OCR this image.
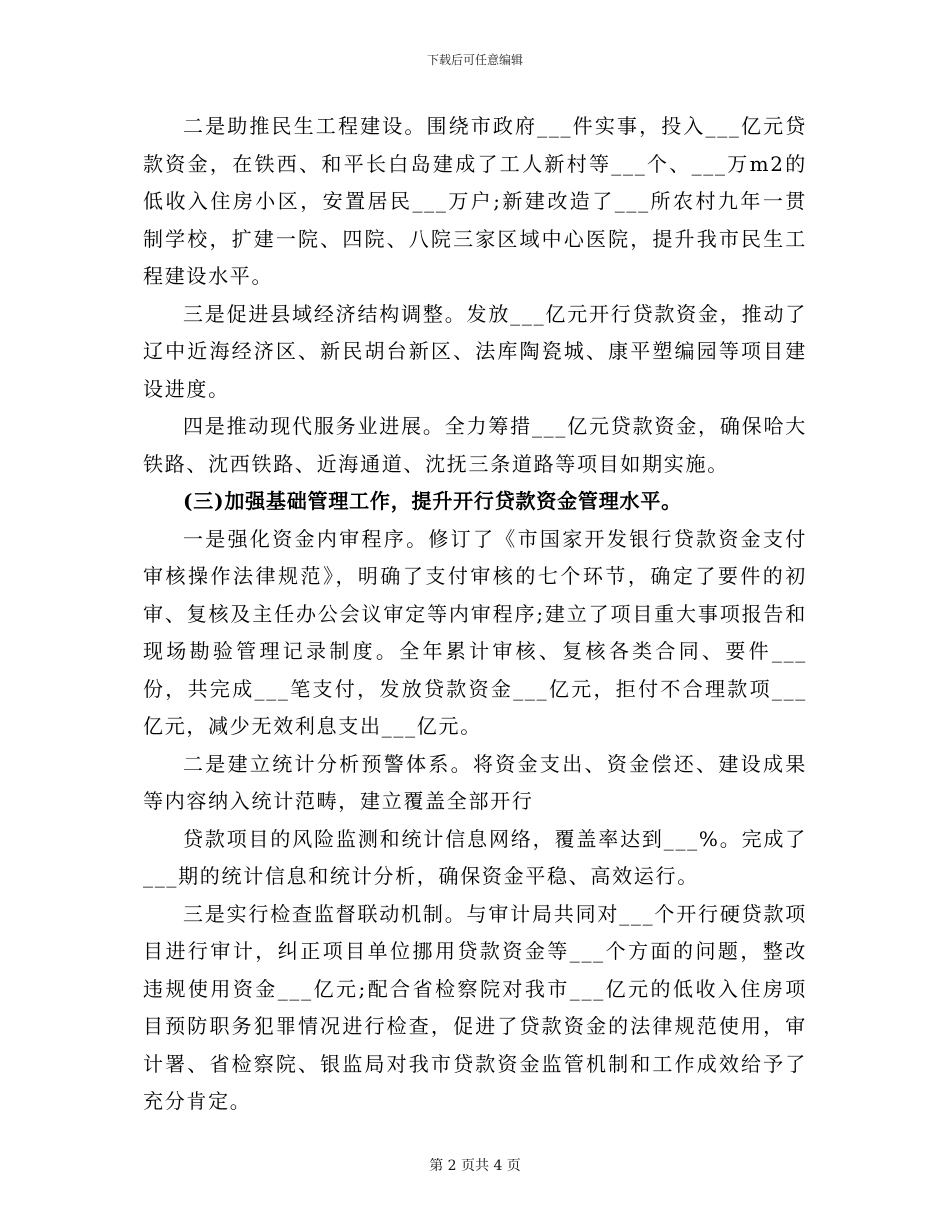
下载后可任意编辑

二是助推民生工程建设。围绕市政府___件实事，投入___亿元贷款资金，在铁西、和平长白岛建成了工人新村等___个、___万m2的低收入住房小区，安置居民___万户;新建改造了___所农村九年一贯制学校，扩建一院、四院、八院三家区域中心医院，提升我市民生工程建设水平。

三是促进县域经济结构调整。发放___亿元开行贷款资金，推动了辽中近海经济区、新民胡台新区、法库陶瓷城、康平塑编园等项目建设进度。

四是推动现代服务业进展。全力筹措___亿元贷款资金，确保哈大铁路、沈西铁路、近海通道、沈抚三条道路等项目如期实施。

(三)加强基础管理工作，提升开行贷款资金管理水平。

一是强化资金内审程序。修订了《市国家开发银行贷款资金支付审核操作法律规范》，明确了支付审核的七个环节，确定了要件的初审、复核及主任办公会议审定等内审程序;建立了项目重大事项报告和现场勘验管理记录制度。全年累计审核、复核各类合同、要件___份，共完成___笔支付，发放贷款资金___亿元，拒付不合理款项___亿元，减少无效利息支出___亿元。

二是建立统计分析预警体系。将资金支出、资金偿还、建设成果等内容纳入统计范畴，建立覆盖全部开行

贷款项目的风险监测和统计信息网络，覆盖率达到___%。完成了___期的统计信息和统计分析，确保资金平稳、高效运行。

三是实行检查监督联动机制。与审计局共同对___个开行硬贷款项目进行审计，纠正项目单位挪用贷款资金等___个方面的问题，整改违规使用资金___亿元;配合省检察院对我市___亿元的低收入住房项目预防职务犯罪情况进行检查，促进了贷款资金的法律规范使用，审计署、省检察院、银监局对我市贷款资金监管机制和工作成效给予了充分肯定。

第 2 页共 4 页
